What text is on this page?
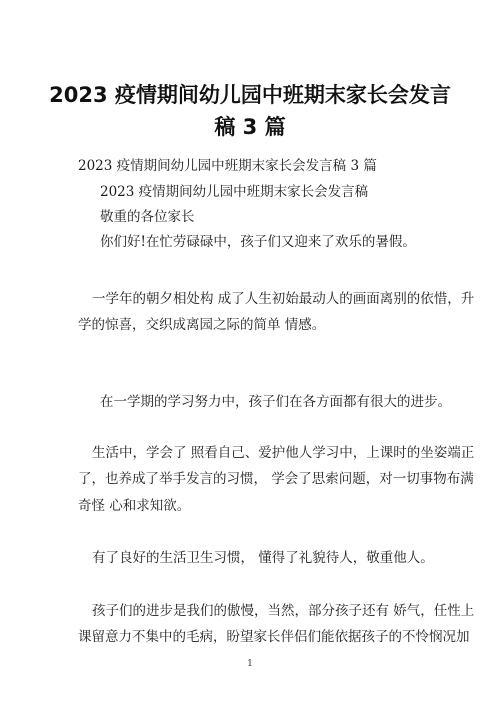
2023 疫情期间幼儿园中班期末家长会发言
稿 3 篇
2023 疫情期间幼儿园中班期末家长会发言稿 3 篇
2023 疫情期间幼儿园中班期末家长会发言稿
敬重的各位家长
你们好!在忙劳碌碌中，孩子们又迎来了欢乐的暑假。
一学年的朝夕相处构 成了人生初始最动人的画面离别的依惜，升
学的惊喜，交织成离园之际的简单 情感。
在一学期的学习努力中，孩子们在各方面都有很大的进步。
生活中，学会了 照看自己、爱护他人学习中，上课时的坐姿端正
了，也养成了举手发言的习惯， 学会了思索问题，对一切事物布满
奇怪 心和求知欲。
有了良好的生活卫生习惯， 懂得了礼貌待人，敬重他人。
孩子们的进步是我们的傲慢，当然，部分孩子还有 娇气，任性上
课留意力不集中的毛病，盼望家长伴侣们能依据孩子的不怜悯况加
1
